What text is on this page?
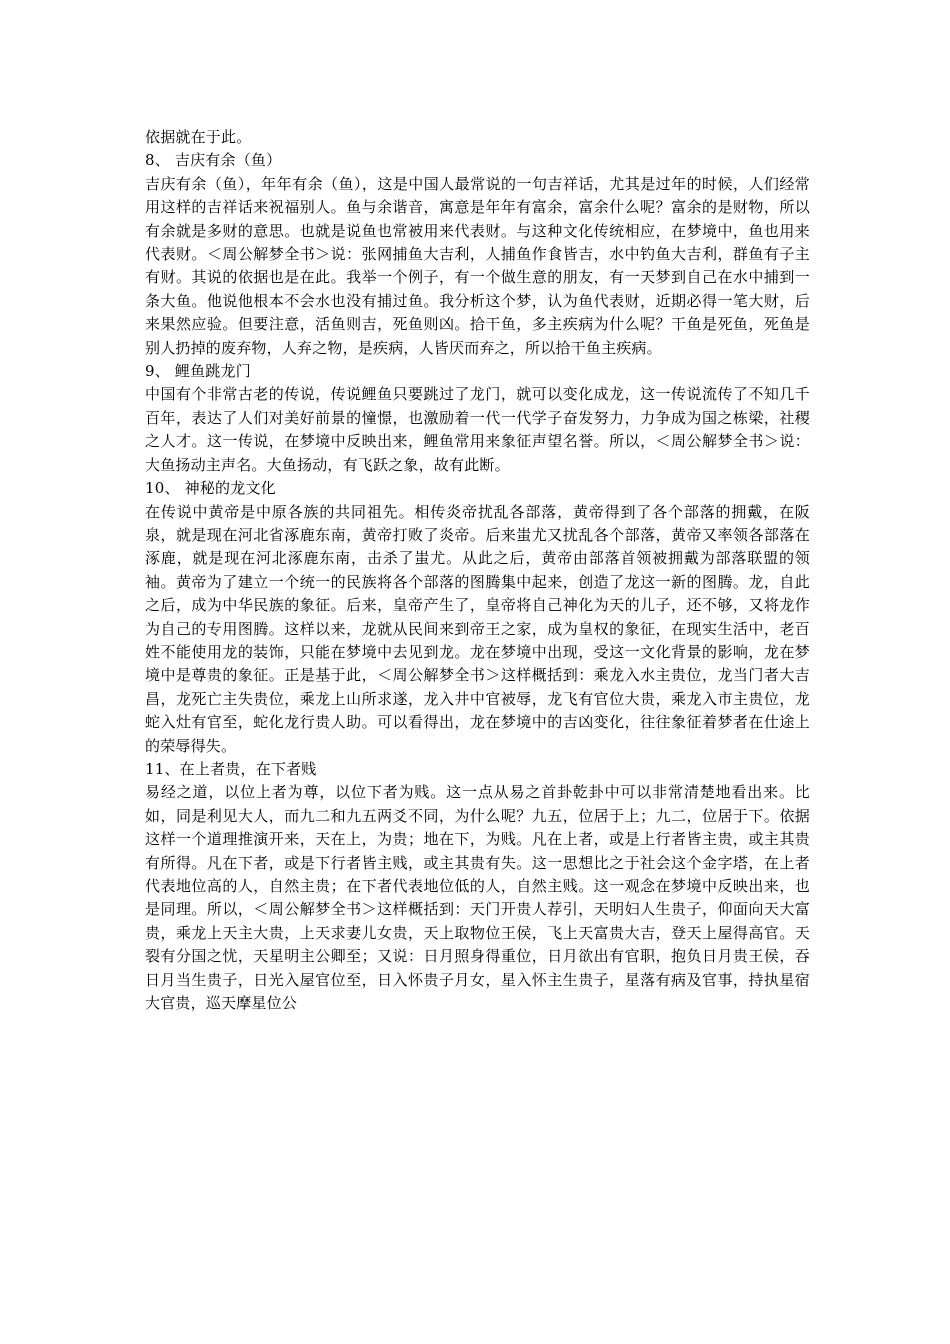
依据就在于此。

8、 吉庆有余（鱼）

吉庆有余（鱼），年年有余（鱼），这是中国人最常说的一句吉祥话，尤其是过年的时候，人们经常用这样的吉祥话来祝福别人。鱼与余谐音，寓意是年年有富余，富余什么呢？富余的是财物，所以有余就是多财的意思。也就是说鱼也常被用来代表财。与这种文化传统相应，在梦境中，鱼也用来代表财。＜周公解梦全书＞说：张网捕鱼大吉利，人捕鱼作食皆吉，水中钓鱼大吉利，群鱼有子主有财。其说的依据也是在此。我举一个例子，有一个做生意的朋友，有一天梦到自己在水中捕到一条大鱼。他说他根本不会水也没有捕过鱼。我分析这个梦，认为鱼代表财，近期必得一笔大财，后来果然应验。但要注意，活鱼则吉，死鱼则凶。拾干鱼，多主疾病为什么呢？干鱼是死鱼，死鱼是别人扔掉的废弃物，人弃之物，是疾病，人皆厌而弃之，所以拾干鱼主疾病。

9、 鲤鱼跳龙门

中国有个非常古老的传说，传说鲤鱼只要跳过了龙门，就可以变化成龙，这一传说流传了不知几千百年，表达了人们对美好前景的憧憬，也激励着一代一代学子奋发努力，力争成为国之栋梁，社稷之人才。这一传说，在梦境中反映出来，鲤鱼常用来象征声望名誉。所以，＜周公解梦全书＞说：大鱼扬动主声名。大鱼扬动，有飞跃之象，故有此断。

10、 神秘的龙文化

在传说中黄帝是中原各族的共同祖先。相传炎帝扰乱各部落，黄帝得到了各个部落的拥戴，在阪泉，就是现在河北省涿鹿东南，黄帝打败了炎帝。后来蚩尤又扰乱各个部落，黄帝又率领各部落在涿鹿，就是现在河北涿鹿东南，击杀了蚩尤。从此之后，黄帝由部落首领被拥戴为部落联盟的领袖。黄帝为了建立一个统一的民族将各个部落的图腾集中起来，创造了龙这一新的图腾。龙，自此之后，成为中华民族的象征。后来，皇帝产生了，皇帝将自己神化为天的儿子，还不够，又将龙作为自己的专用图腾。这样以来，龙就从民间来到帝王之家，成为皇权的象征，在现实生活中，老百姓不能使用龙的装饰，只能在梦境中去见到龙。龙在梦境中出现，受这一文化背景的影响，龙在梦境中是尊贵的象征。正是基于此，＜周公解梦全书＞这样概括到：乘龙入水主贵位，龙当门者大吉昌，龙死亡主失贵位，乘龙上山所求遂，龙入井中官被辱，龙飞有官位大贵，乘龙入市主贵位，龙蛇入灶有官至，蛇化龙行贵人助。可以看得出，龙在梦境中的吉凶变化，往往象征着梦者在仕途上的荣辱得失。

11、在上者贵，在下者贱

易经之道，以位上者为尊，以位下者为贱。这一点从易之首卦乾卦中可以非常清楚地看出来。比如，同是利见大人，而九二和九五两爻不同，为什么呢？九五，位居于上；九二，位居于下。依据这样一个道理推演开来，天在上，为贵；地在下，为贱。凡在上者，或是上行者皆主贵，或主其贵有所得。凡在下者，或是下行者皆主贱，或主其贵有失。这一思想比之于社会这个金字塔，在上者代表地位高的人，自然主贵；在下者代表地位低的人，自然主贱。这一观念在梦境中反映出来，也是同理。所以，＜周公解梦全书＞这样概括到：天门开贵人荐引，天明妇人生贵子，仰面向天大富贵，乘龙上天主大贵，上天求妻儿女贵，天上取物位王侯，飞上天富贵大吉，登天上屋得高官。天裂有分国之忧，天星明主公卿至；又说：日月照身得重位，日月欲出有官职，抱负日月贵王侯，吞日月当生贵子，日光入屋官位至，日入怀贵子月女，星入怀主生贵子，星落有病及官事，持执星宿大官贵，巡天摩星位公
